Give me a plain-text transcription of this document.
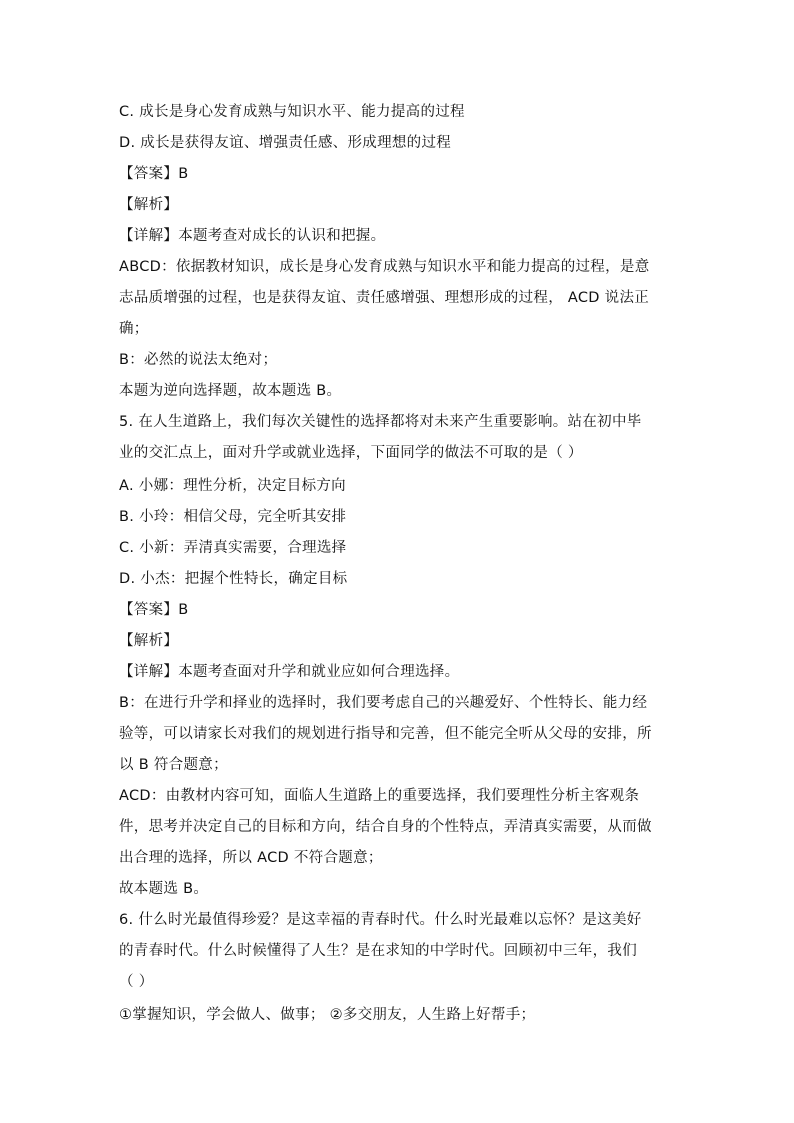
C. 成长是身心发育成熟与知识水平、能力提高的过程
D. 成长是获得友谊、增强责任感、形成理想的过程
【答案】B
【解析】
【详解】本题考查对成长的认识和把握。
ABCD：依据教材知识，成长是身心发育成熟与知识水平和能力提高的过程，是意
志品质增强的过程，也是获得友谊、责任感增强、理想形成的过程， ACD 说法正
确；
B：必然的说法太绝对；
本题为逆向选择题，故本题选 B。
5. 在人生道路上，我们每次关键性的选择都将对未来产生重要影响。站在初中毕
业的交汇点上，面对升学或就业选择，下面同学的做法不可取的是（ ）
A. 小娜：理性分析，决定目标方向
B. 小玲：相信父母，完全听其安排
C. 小新：弄清真实需要，合理选择
D. 小杰：把握个性特长，确定目标
【答案】B
【解析】
【详解】本题考查面对升学和就业应如何合理选择。
B：在进行升学和择业的选择时，我们要考虑自己的兴趣爱好、个性特长、能力经
验等，可以请家长对我们的规划进行指导和完善，但不能完全听从父母的安排，所
以 B 符合题意；
ACD：由教材内容可知，面临人生道路上的重要选择，我们要理性分析主客观条
件，思考并决定自己的目标和方向，结合自身的个性特点，弄清真实需要，从而做
出合理的选择，所以 ACD 不符合题意；
故本题选 B。
6. 什么时光最值得珍爱？是这幸福的青春时代。什么时光最难以忘怀？是这美好
的青春时代。什么时候懂得了人生？是在求知的中学时代。回顾初中三年，我们
（ ）
①掌握知识，学会做人、做事； ②多交朋友，人生路上好帮手；
